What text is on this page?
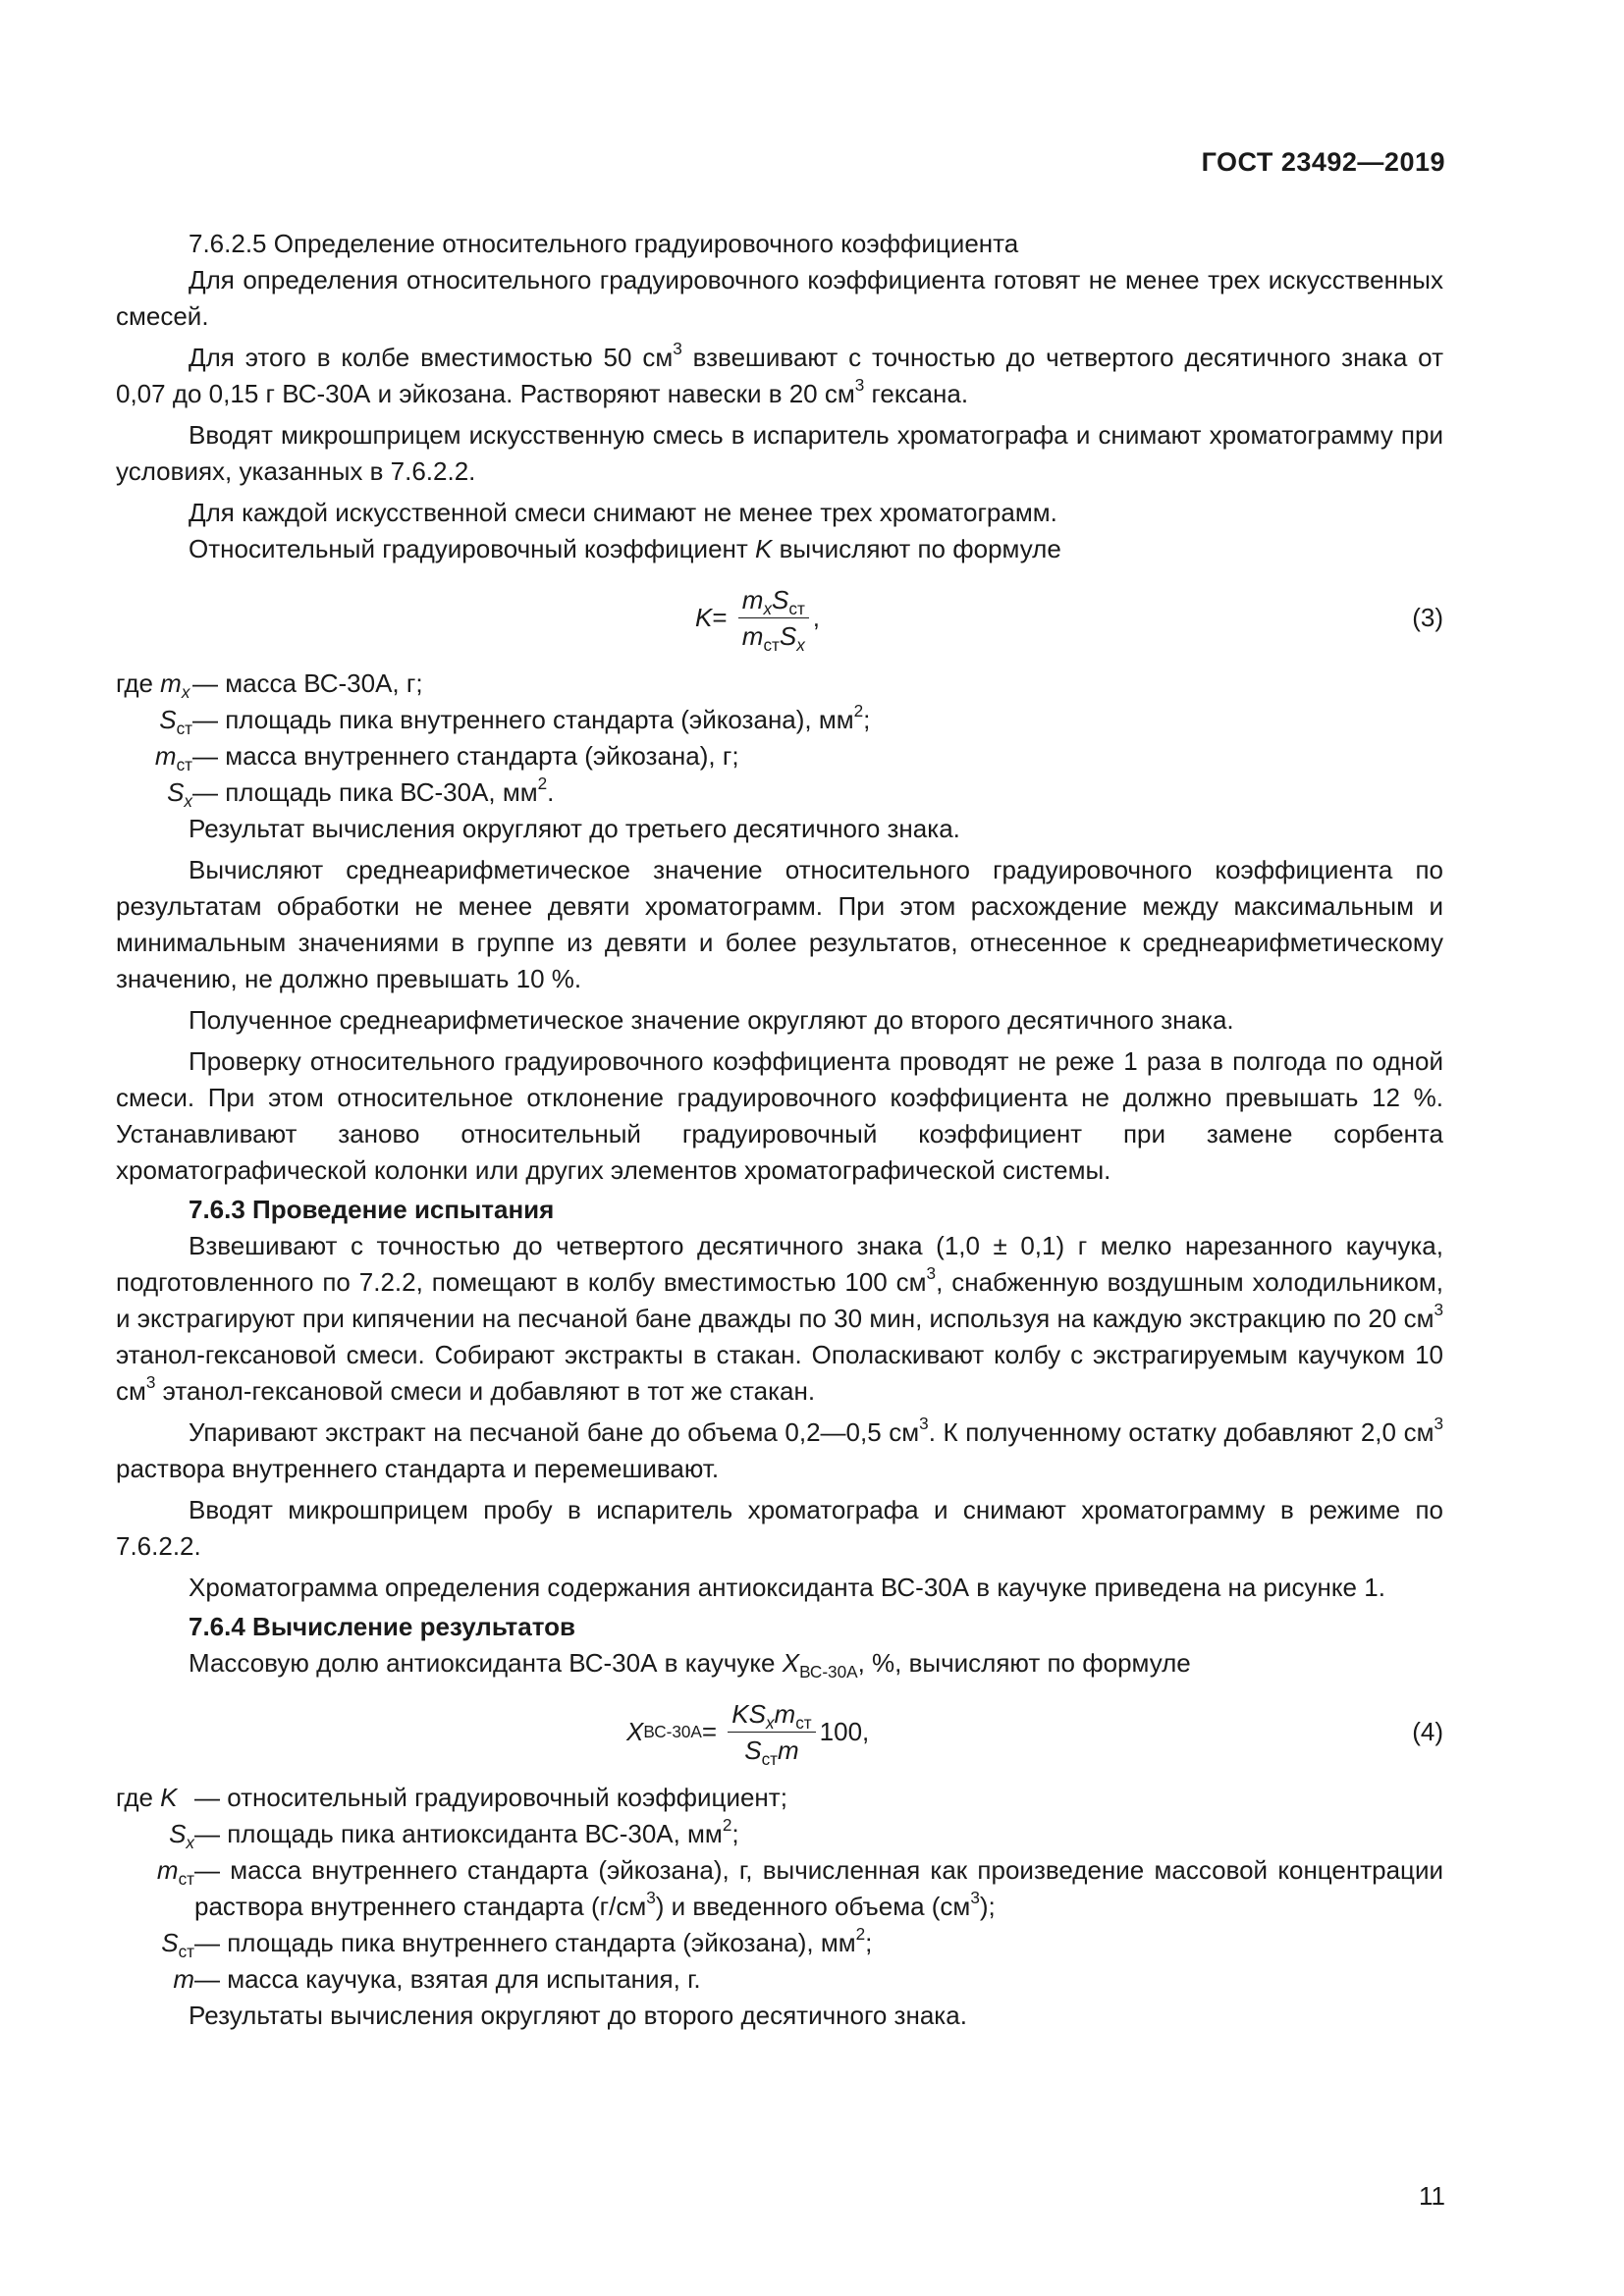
ГОСТ 23492—2019

7.6.2.5 Определение относительного градуировочного коэффициента

Для определения относительного градуировочного коэффициента готовят не менее трех искусственных смесей.

Для этого в колбе вместимостью 50 $см^3$ взвешивают с точностью до четвертого десятичного знака от 0,07 до 0,15 г ВС-30А и эйкозана. Растворяют навески в 20 $см^3$ гексана.

Вводят микрошприцем искусственную смесь в испаритель хроматографа и снимают хроматограмму при условиях, указанных в 7.6.2.2.

Для каждой искусственной смеси снимают не менее трех хроматограмм.

Относительный градуировочный коэффициент K вычисляют по формуле

K =
$\frac{m_xS_{ст}}{m_{ст}S_x}$ ,	(3)
где $m_x$ — масса ВС-30А, г;
$S_{ст}$ — площадь пика внутреннего стандарта (эйкозана), $мм^2$;
$m_{ст}$ — масса внутреннего стандарта (эйкозана), г;
$S_x$ — площадь пика ВС-30А, $мм^2$.

Результат вычисления округляют до третьего десятичного знака.

Вычисляют среднеарифметическое значение относительного градуировочного коэффициента по результатам обработки не менее девяти хроматограмм. При этом расхождение между максимальным и минимальным значениями в группе из девяти и более результатов, отнесенное к среднеарифметическому значению, не должно превышать 10 %.

Полученное среднеарифметическое значение округляют до второго десятичного знака.

Проверку относительного градуировочного коэффициента проводят не реже 1 раза в полгода по одной смеси. При этом относительное отклонение градуировочного коэффициента не должно превышать 12 %. Устанавливают заново относительный градуировочный коэффициент при замене сорбента хроматографической колонки или других элементов хроматографической системы.

7.6.3 Проведение испытания

Взвешивают с точностью до четвертого десятичного знака (1,0 ± 0,1) г мелко нарезанного каучука, подготовленного по 7.2.2, помещают в колбу вместимостью 100 $см^3$, снабженную воздушным холодильником, и экстрагируют при кипячении на песчаной бане дважды по 30 мин, используя на каждую экстракцию по 20 $см^3$ этанол-гексановой смеси. Собирают экстракты в стакан. Ополаскивают колбу с экстрагируемым каучуком 10 $см^3$ этанол-гексановой смеси и добавляют в тот же стакан.

Упаривают экстракт на песчаной бане до объема 0,2—0,5 $см^3$. К полученному остатку добавляют 2,0 $см^3$ раствора внутреннего стандарта и перемешивают.

Вводят микрошприцем пробу в испаритель хроматографа и снимают хроматограмму в режиме по 7.6.2.2.

Хроматограмма определения содержания антиоксиданта ВС-30А в каучуке приведена на рисунке 1.

7.6.4 Вычисление результатов

Массовую долю антиоксиданта ВС-30А в каучуке $X_{ВС-30А}$, %, вычисляют по формуле

X ВС-30А =
$\frac{KS_xm_{ст}}{S_{ст}m} 100$,	(4)
где K — относительный градуировочный коэффициент;
$S_x$ — площадь пика антиоксиданта ВС-30А, $мм^2$;
$m_{ст}$ — масса внутреннего стандарта (эйкозана), г, вычисленная как произведение массовой концентрации раствора внутреннего стандарта $(г/см^3)$ и введенного объема $(см^3)$;
$S_{ст}$ — площадь пика внутреннего стандарта (эйкозана), $мм^2$;
m — масса каучука, взятая для испытания, г.

Результаты вычисления округляют до второго десятичного знака.

11
